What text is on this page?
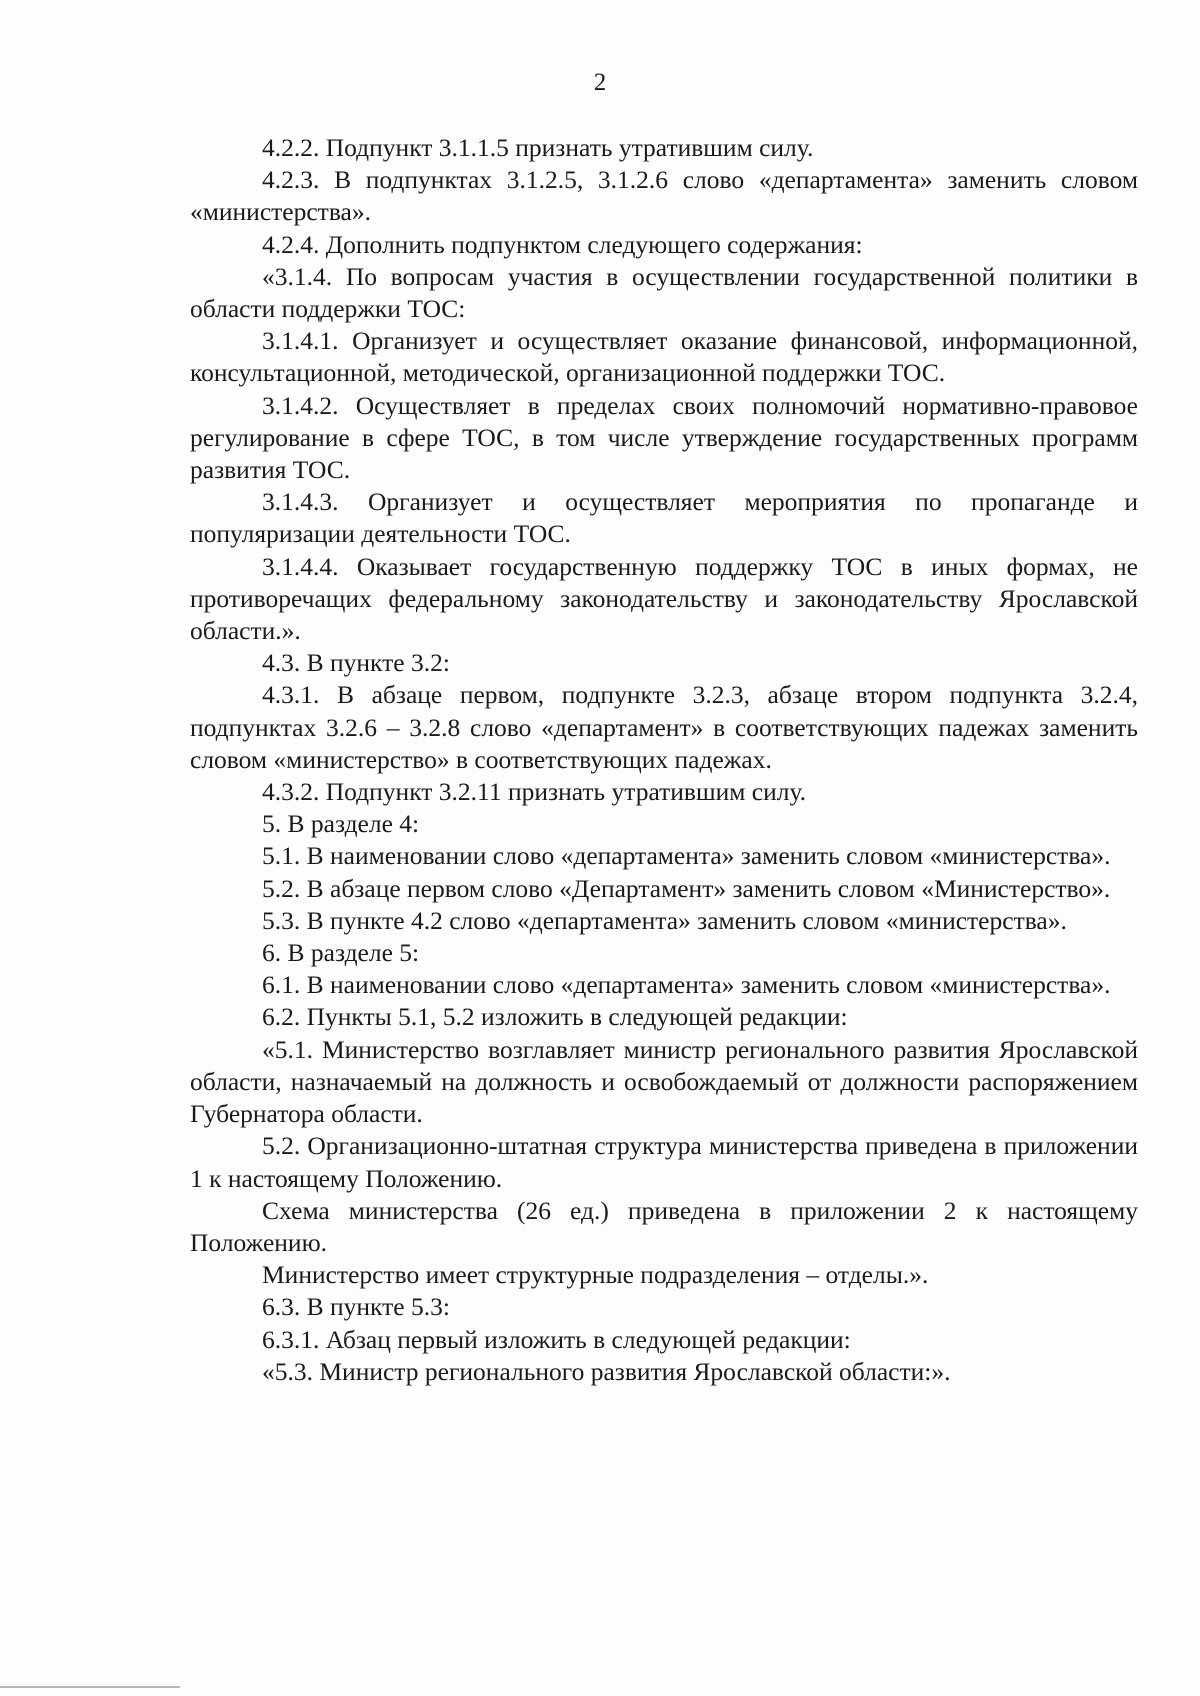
2

4.2.2. Подпункт 3.1.1.5 признать утратившим силу.

4.2.3. В подпунктах 3.1.2.5, 3.1.2.6 слово «департамента» заменить словом «министерства».

4.2.4. Дополнить подпунктом следующего содержания:

«3.1.4. По вопросам участия в осуществлении государственной политики в области поддержки ТОС:

3.1.4.1. Организует и осуществляет оказание финансовой, информационной, консультационной, методической, организационной поддержки ТОС.

3.1.4.2. Осуществляет в пределах своих полномочий нормативно-правовое регулирование в сфере ТОС, в том числе утверждение государственных программ развития ТОС.

3.1.4.3. Организует и осуществляет мероприятия по пропаганде и популяризации деятельности ТОС.

3.1.4.4. Оказывает государственную поддержку ТОС в иных формах, не противоречащих федеральному законодательству и законодательству Ярославской области.».

4.3. В пункте 3.2:

4.3.1. В абзаце первом, подпункте 3.2.3, абзаце втором подпункта 3.2.4, подпунктах 3.2.6 – 3.2.8 слово «департамент» в соответствующих падежах заменить словом «министерство» в соответствующих падежах.

4.3.2. Подпункт 3.2.11 признать утратившим силу.

5. В разделе 4:

5.1. В наименовании слово «департамента» заменить словом «министерства».

5.2. В абзаце первом слово «Департамент» заменить словом «Министерство».

5.3. В пункте 4.2 слово «департамента» заменить словом «министерства».

6. В разделе 5:

6.1. В наименовании слово «департамента» заменить словом «министерства».

6.2. Пункты 5.1, 5.2 изложить в следующей редакции:

«5.1. Министерство возглавляет министр регионального развития Ярославской области, назначаемый на должность и освобождаемый от должности распоряжением Губернатора области.

5.2. Организационно-штатная структура министерства приведена в приложении 1 к настоящему Положению.

Схема министерства (26 ед.) приведена в приложении 2 к настоящему Положению.

Министерство имеет структурные подразделения – отделы.».

6.3. В пункте 5.3:

6.3.1. Абзац первый изложить в следующей редакции:

«5.3. Министр регионального развития Ярославской области:».
